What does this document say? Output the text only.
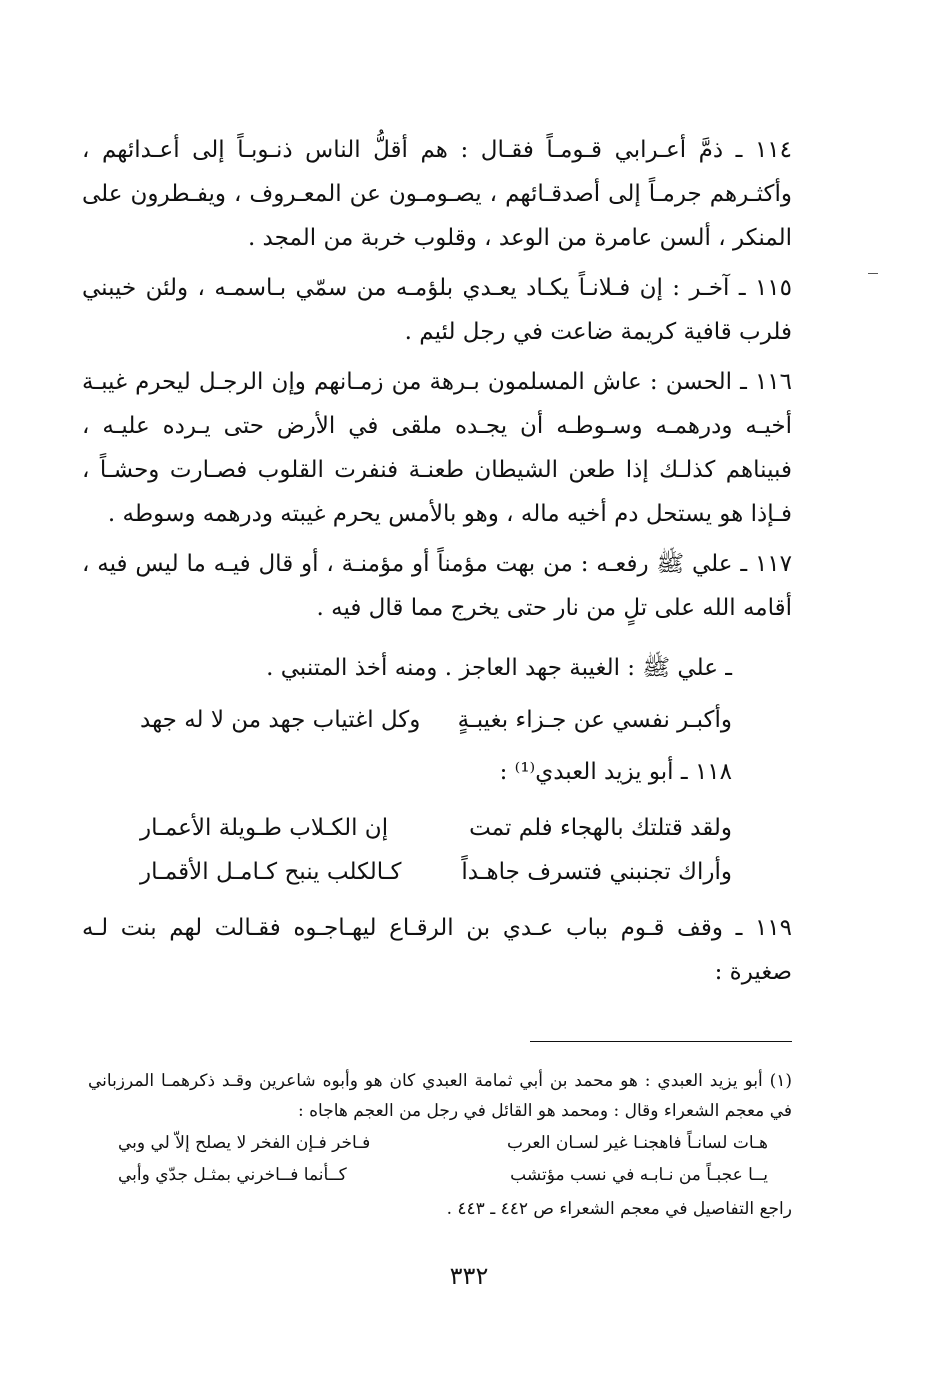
١١٤ ـ ذمَّ أعـرابي قـومـاً فقـال : هم أقلُّ الناس ذنـوبـاً إلى أعـدائهم ، وأكثـرهم جرمـاً إلى أصدقـائهم ، يصـومـون عن المعـروف ، ويفـطرون على المنكر ، ألسن عامرة من الوعد ، وقلوب خربة من المجد .

١١٥ ـ آخـر : إن فـلانـاً يكـاد يعـدي بلؤمـه من سمّي بـاسمـه ، ولئن خيبني فلرب قافية كريمة ضاعت في رجل لئيم .

١١٦ ـ الحسن : عاش المسلمون بـرهة من زمـانهم وإن الرجـل ليحرم غيبـة أخيـه ودرهمـه وسـوطـه أن يجـده ملقى في الأرض حتى يـرده عليـه ، فبيناهم كذلـك إذا طعن الشيطان طعنـة فنفرت القلوب فصـارت وحشـاً ، فـإذا هو يستحل دم أخيه ماله ، وهو بالأمس يحرم غيبته ودرهمه وسوطه .

١١٧ ـ علي ﷺ رفعـه : من بهت مؤمناً أو مؤمنـة ، أو قال فيـه ما ليس فيه ، أقامه الله على تلٍ من نار حتى يخرج مما قال فيه .

ـ علي ﷺ : الغيبة جهد العاجز . ومنه أخذ المتنبي .
وأكبـر نفسي عن جـزاء بغيبـةٍ
وكل اغتياب جهد من لا له جهد
١١٨ ـ أبو يزيد العبدي⁽¹⁾ :
ولقد قتلتك بالهجاء فلم تمت
إن الكـلاب طـويلة الأعمـار
وأراك تجنبني فتسرف جاهـداً
كـالكلب ينبح كـامـل الأقمـار

١١٩ ـ وقف قـوم بباب عـدي بن الرقـاع ليهـاجـوه فقـالت لهم بنت لـه صغيرة :

(١) أبو يزيد العبدي : هو محمد بن أبي ثمامة العبدي كان هو وأبوه شاعرين وقـد ذكرهمـا المرزباني في معجم الشعراء وقال : ومحمد هو القائل في رجل من العجم هاجاه :
هـات لسانـاً فاهجنـا غير لسـان العرب
فـاخر فـإن الفخر لا يصلح إلاّ لي وبي
يــا عجبـاً من نـابـه في نسب مؤتشب
كــأنما فــاخرني بمثـل جدّي وأبي
راجع التفاصيل في معجم الشعراء ص ٤٤٢ ـ ٤٤٣ .
٣٣٢
